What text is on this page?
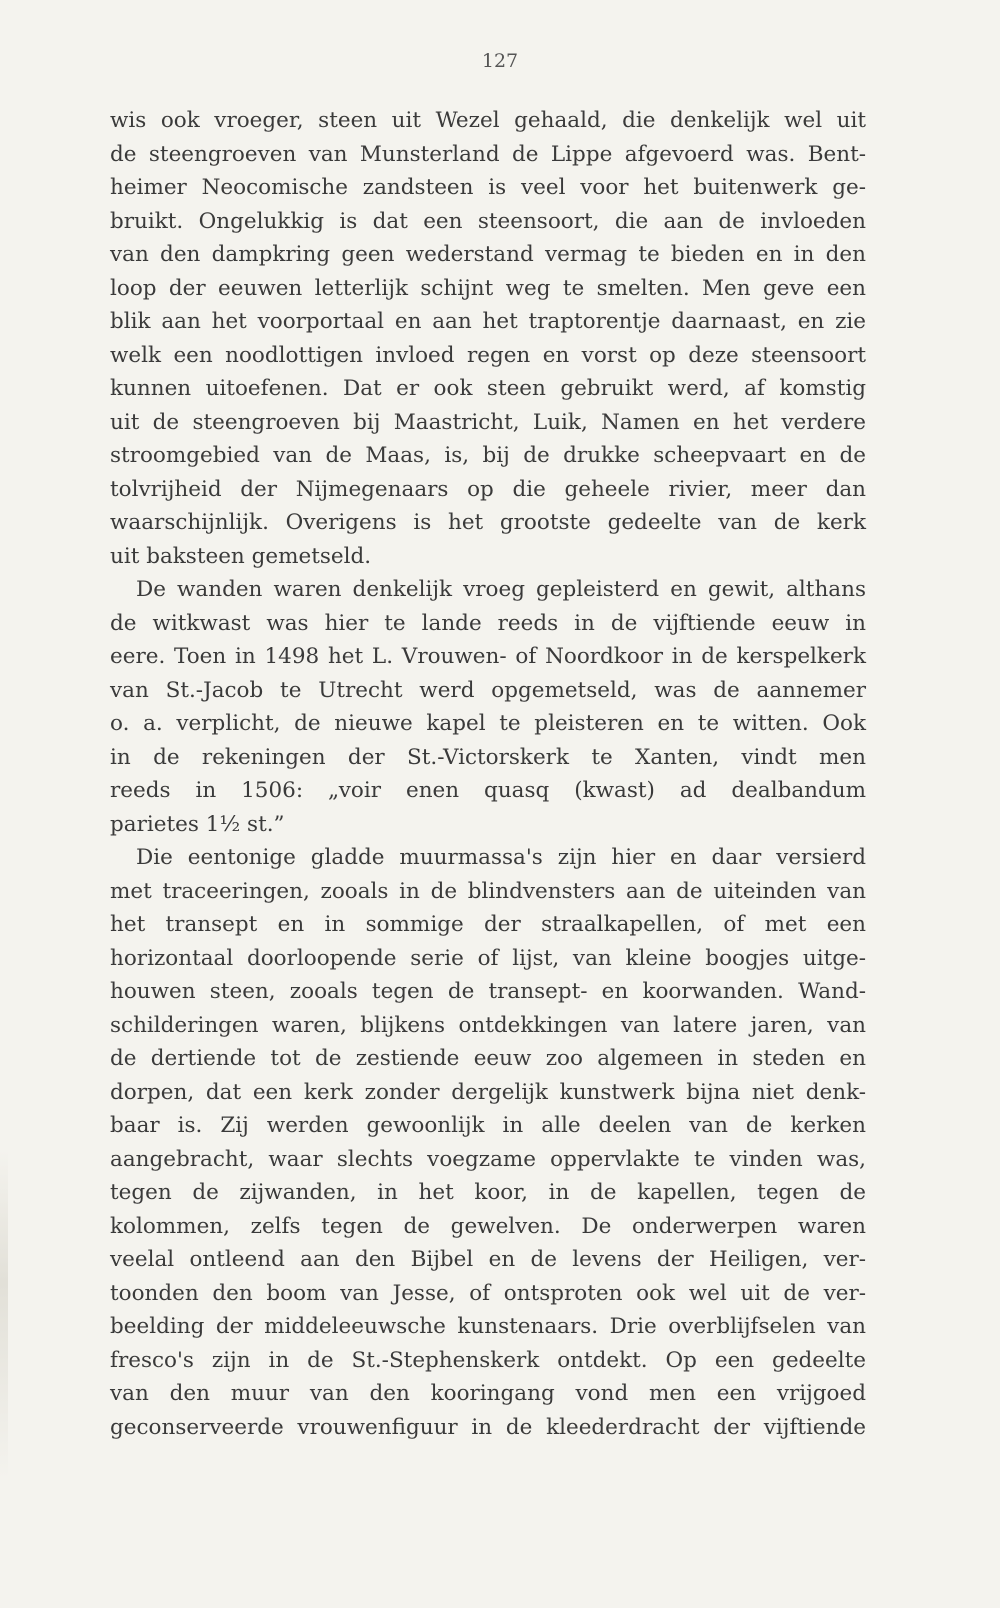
127
wis ook vroeger, steen uit Wezel gehaald, die denkelijk wel uit
de steengroeven van Munsterland de Lippe afgevoerd was. Bent-
heimer Neocomische zandsteen is veel voor het buitenwerk ge-
bruikt. Ongelukkig is dat een steensoort, die aan de invloeden
van den dampkring geen wederstand vermag te bieden en in den
loop der eeuwen letterlijk schijnt weg te smelten. Men geve een
blik aan het voorportaal en aan het traptorentje daarnaast, en zie
welk een noodlottigen invloed regen en vorst op deze steensoort
kunnen uitoefenen. Dat er ook steen gebruikt werd, af komstig
uit de steengroeven bij Maastricht, Luik, Namen en het verdere
stroomgebied van de Maas, is, bij de drukke scheepvaart en de
tolvrijheid der Nijmegenaars op die geheele rivier, meer dan
waarschijnlijk. Overigens is het grootste gedeelte van de kerk
uit baksteen gemetseld.
De wanden waren denkelijk vroeg gepleisterd en gewit, althans
de witkwast was hier te lande reeds in de vijftiende eeuw in
eere. Toen in 1498 het L. Vrouwen- of Noordkoor in de kerspelkerk
van St.-Jacob te Utrecht werd opgemetseld, was de aannemer
o. a. verplicht, de nieuwe kapel te pleisteren en te witten. Ook
in de rekeningen der St.-Victorskerk te Xanten, vindt men
reeds in 1506: „voir enen quasq (kwast) ad dealbandum
parietes 1½ st.”
Die eentonige gladde muurmassa's zijn hier en daar versierd
met traceeringen, zooals in de blindvensters aan de uiteinden van
het transept en in sommige der straalkapellen, of met een
horizontaal doorloopende serie of lijst, van kleine boogjes uitge-
houwen steen, zooals tegen de transept- en koorwanden. Wand-
schilderingen waren, blijkens ontdekkingen van latere jaren, van
de dertiende tot de zestiende eeuw zoo algemeen in steden en
dorpen, dat een kerk zonder dergelijk kunstwerk bijna niet denk-
baar is. Zij werden gewoonlijk in alle deelen van de kerken
aangebracht, waar slechts voegzame oppervlakte te vinden was,
tegen de zijwanden, in het koor, in de kapellen, tegen de
kolommen, zelfs tegen de gewelven. De onderwerpen waren
veelal ontleend aan den Bijbel en de levens der Heiligen, ver-
toonden den boom van Jesse, of ontsproten ook wel uit de ver-
beelding der middeleeuwsche kunstenaars. Drie overblijfselen van
fresco's zijn in de St.-Stephenskerk ontdekt. Op een gedeelte
van den muur van den kooringang vond men een vrijgoed
geconserveerde vrouwenfiguur in de kleederdracht der vijftiende
